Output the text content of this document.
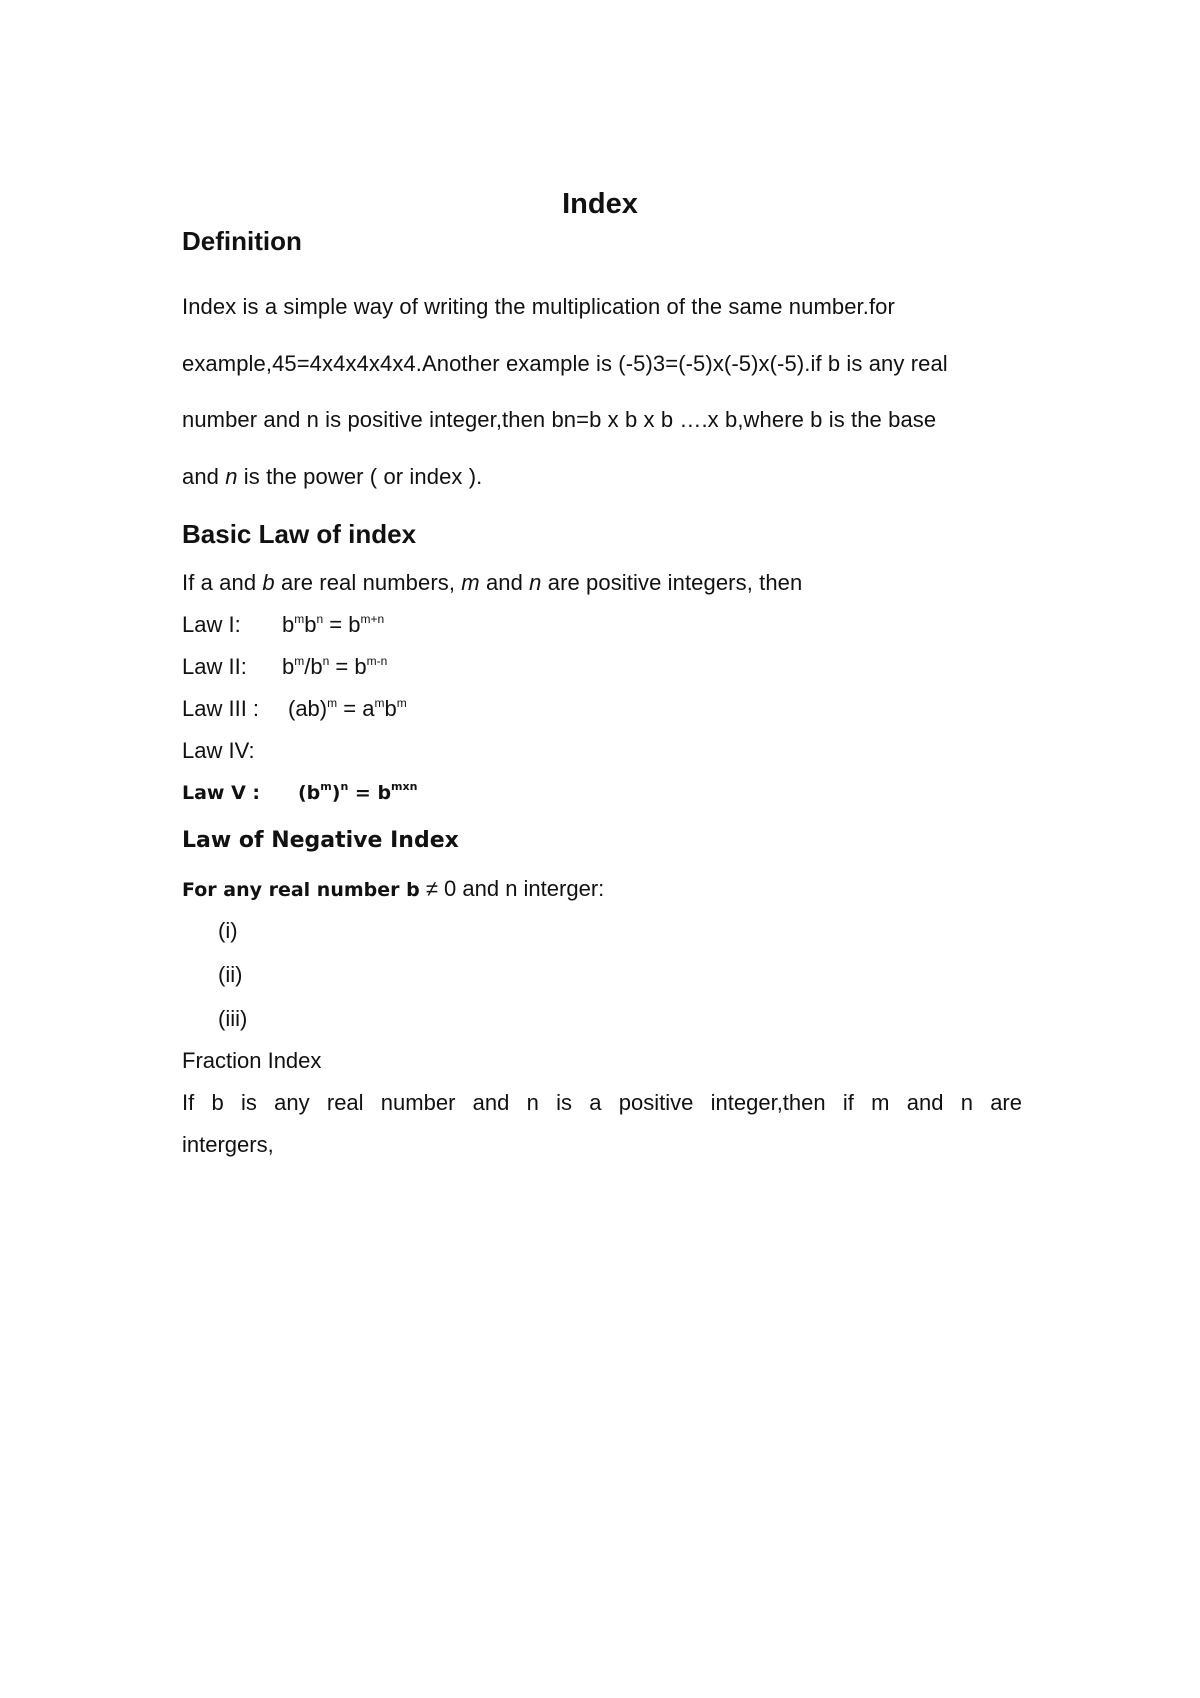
Index
Definition
Index is a simple way of writing the multiplication of the same number.for
example,45=4x4x4x4x4.Another example is (-5)3=(-5)x(-5)x(-5).if b is any real
number and n is positive integer,then bn=b x b x b ….x b,where b is the base
and n is the power ( or index ).
Basic Law of index
If a and b are real numbers, m and n are positive integers, then
Law I: $b^mb^n = b^{m+n}$
Law II: $b^m/b^n = b^{m-n}$
Law III : $(ab)^m = a^mb^m$
Law IV:
Law V : $(b^m)^n = b^{mxn}$
Law of Negative Index
For any real number b ≠ 0 and n interger:
(i)
(ii)
(iii)
Fraction Index
If b is any real number and n is a positive integer,then if m and n are
intergers,
